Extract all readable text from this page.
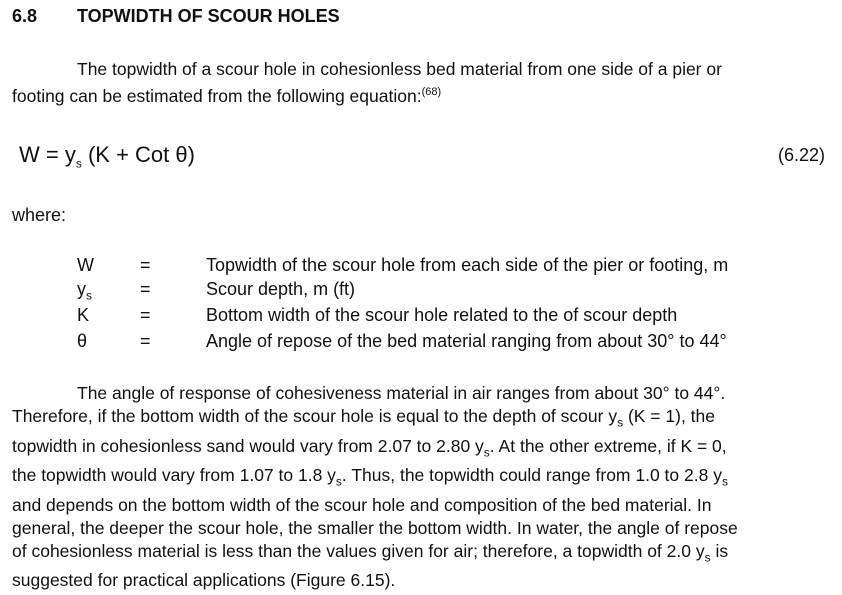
6.8 TOPWIDTH OF SCOUR HOLES

The topwidth of a scour hole in cohesionless bed material from one side of a pier or

footing can be estimated from the following equation:$^{(68)}$

$W = y_s$ (K + Cot θ)	(6.22)
where:
W	=	Topwidth of the scour hole from each side of the pier or footing, m
$y_s$	=	Scour depth, m (ft)
K	=	Bottom width of the scour hole related to the of scour depth
θ	=	Angle of repose of the bed material ranging from about 30° to 44°

The angle of response of cohesiveness material in air ranges from about 30° to 44°.

Therefore, if the bottom width of the scour hole is equal to the depth of scour $y_s$ (K = 1), the

topwidth in cohesionless sand would vary from 2.07 to 2.80 $y_s$. At the other extreme, if K = 0,

the topwidth would vary from 1.07 to 1.8 $y_s$. Thus, the topwidth could range from 1.0 to 2.8 $y_s$

and depends on the bottom width of the scour hole and composition of the bed material. In

general, the deeper the scour hole, the smaller the bottom width. In water, the angle of repose

of cohesionless material is less than the values given for air; therefore, a topwidth of 2.0 $y_s$ is

suggested for practical applications (Figure 6.15).
